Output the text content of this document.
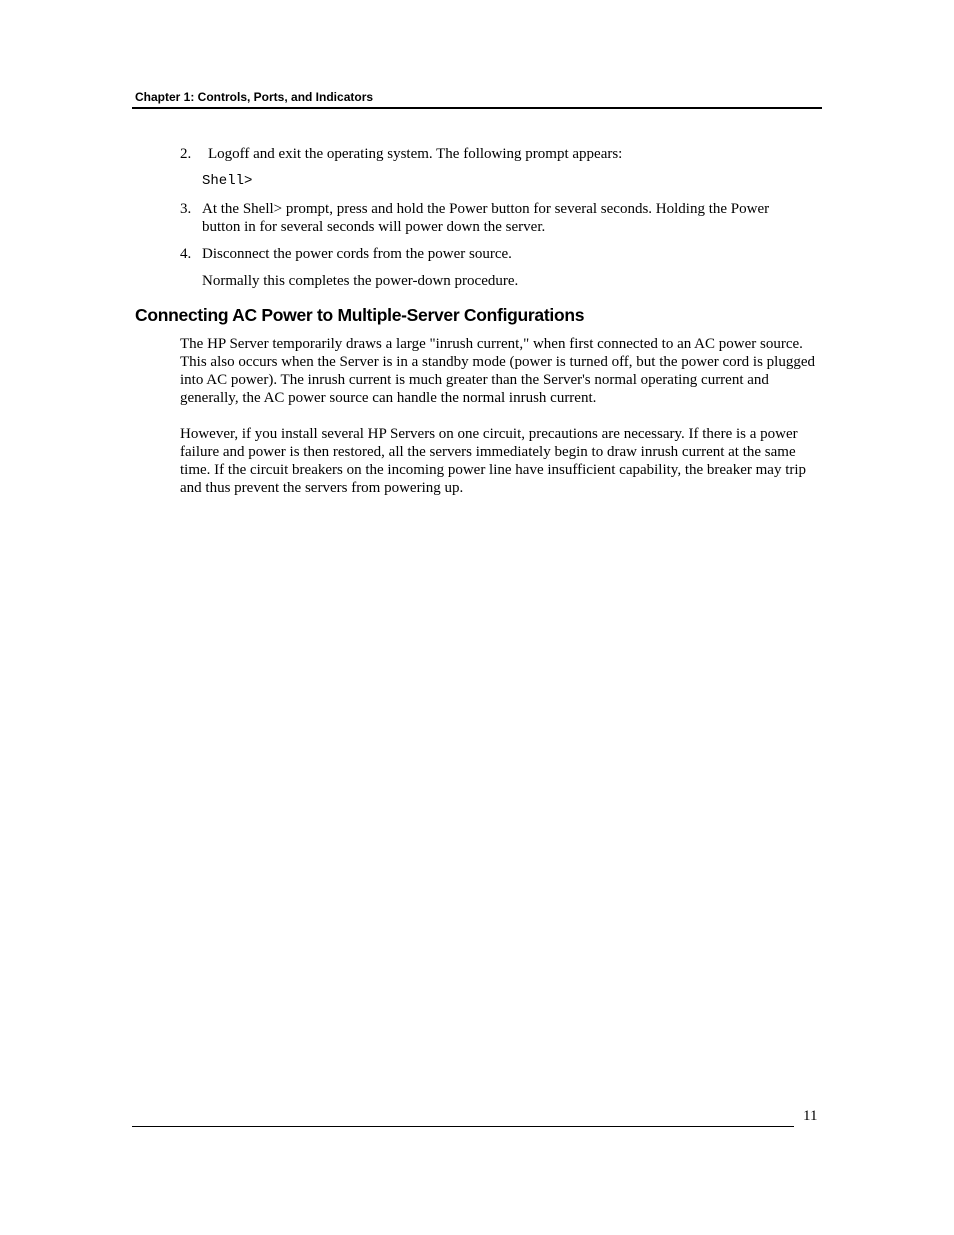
Chapter 1: Controls, Ports, and Indicators
2. Logoff and exit the operating system. The following prompt appears:
Shell>
3. At the Shell> prompt, press and hold the Power button for several seconds. Holding the Power button in for several seconds will power down the server.
4. Disconnect the power cords from the power source.
Normally this completes the power-down procedure.
Connecting AC Power to Multiple-Server Configurations
The HP Server temporarily draws a large "inrush current," when first connected to an AC power source. This also occurs when the Server is in a standby mode (power is turned off, but the power cord is plugged into AC power). The inrush current is much greater than the Server's normal operating current and generally, the AC power source can handle the normal inrush current.
However, if you install several HP Servers on one circuit, precautions are necessary. If there is a power failure and power is then restored, all the servers immediately begin to draw inrush current at the same time. If the circuit breakers on the incoming power line have insufficient capability, the breaker may trip and thus prevent the servers from powering up.
11
